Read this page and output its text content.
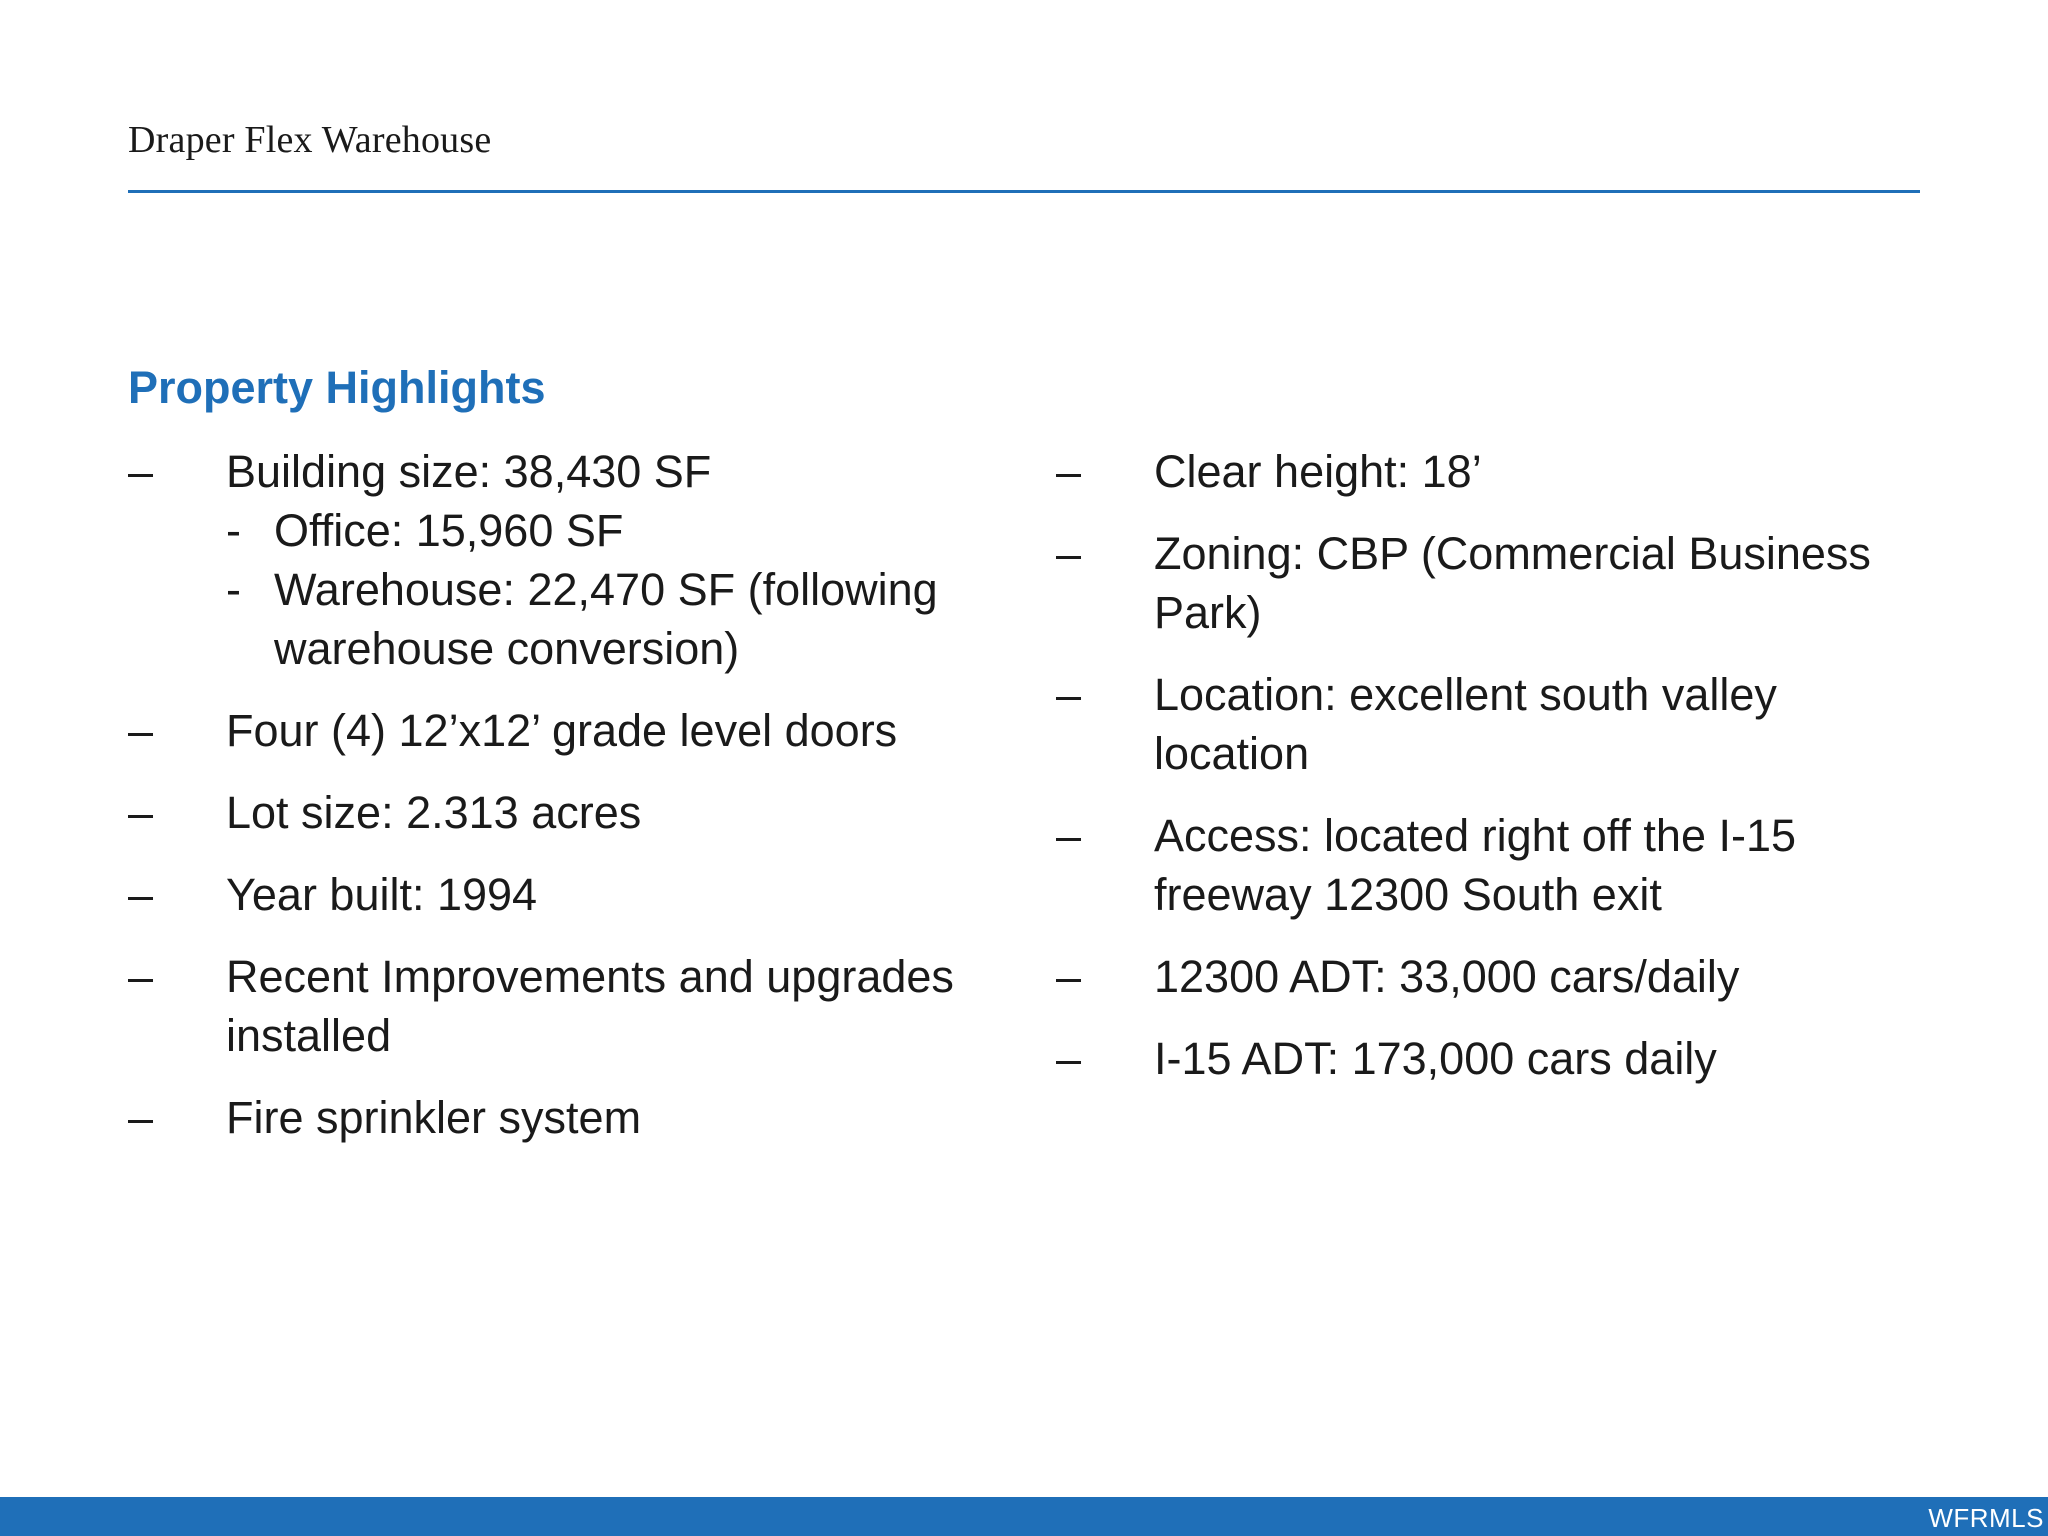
Draper Flex Warehouse
Property Highlights
– Building size: 38,430 SF
- Office: 15,960 SF
- Warehouse: 22,470 SF (following warehouse conversion)
– Four (4) 12’x12’ grade level doors
– Lot size: 2.313 acres
– Year built: 1994
– Recent Improvements and upgrades installed
– Fire sprinkler system
– Clear height: 18’
– Zoning: CBP (Commercial Business Park)
– Location: excellent south valley location
– Access: located right off the I-15 freeway 12300 South exit
– 12300 ADT: 33,000 cars/daily
– I-15 ADT: 173,000 cars daily
WFRMLS
